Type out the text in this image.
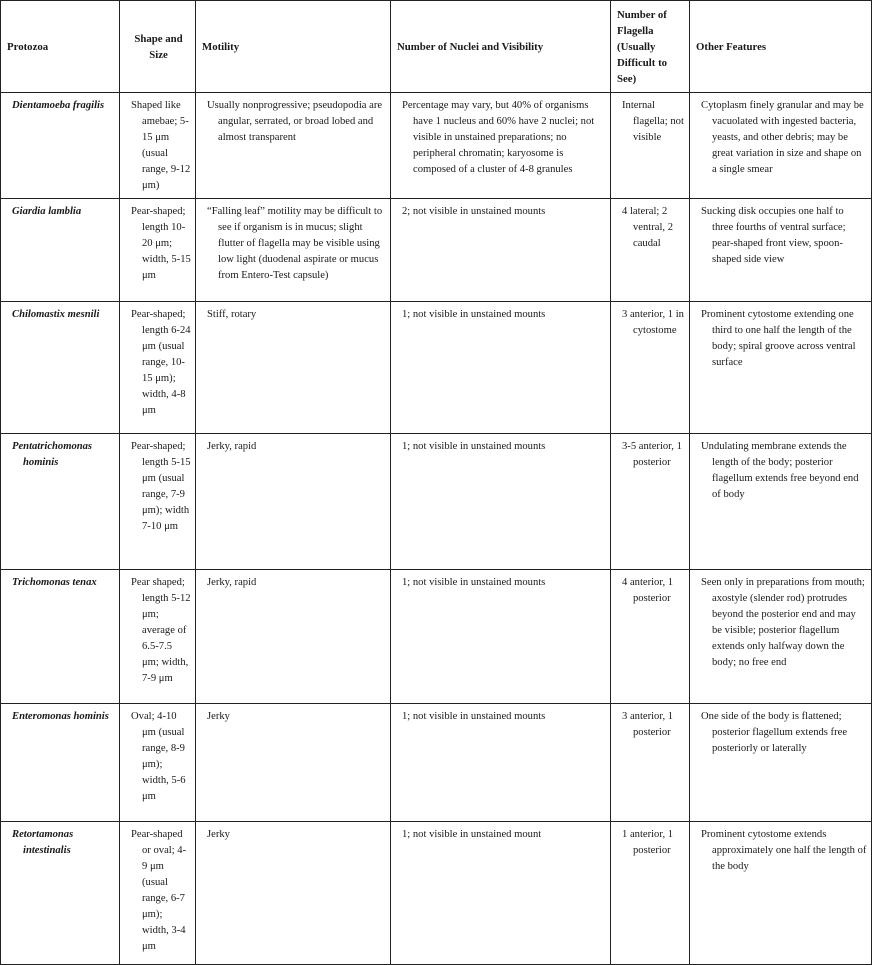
Protozoa	Shape and Size	Motility	Number of Nuclei and Visibility	Number of Flagella (Usually Difficult to See)	Other Features

Dientamoeba fragilis	Shaped like amebae; 5-15 μm (usual range, 9-12 μm)	Usually nonprogressive; pseudopodia are angular, serrated, or broad lobed and almost transparent	Percentage may vary, but 40% of organisms have 1 nucleus and 60% have 2 nuclei; not visible in unstained preparations; no peripheral chromatin; karyosome is composed of a cluster of 4-8 granules	Internal flagella; not visible	Cytoplasm finely granular and may be vacuolated with ingested bacteria, yeasts, and other debris; may be great variation in size and shape on a single smear

Giardia lamblia	Pear-shaped; length 10-20 μm; width, 5-15 μm	“Falling leaf” motility may be difficult to see if organism is in mucus; slight flutter of flagella may be visible using low light (duodenal aspirate or mucus from Entero-Test capsule)	2; not visible in unstained mounts	4 lateral; 2 ventral, 2 caudal	Sucking disk occupies one half to three fourths of ventral surface; pear-shaped front view, spoon-shaped side view

Chilomastix mesnili	Pear-shaped; length 6-24 μm (usual range, 10-15 μm); width, 4-8 μm	Stiff, rotary	1; not visible in unstained mounts	3 anterior, 1 in cytostome	Prominent cytostome extending one third to one half the length of the body; spiral groove across ventral surface

Pentatrichomonas hominis	Pear-shaped; length 5-15 μm (usual range, 7-9 μm); width 7-10 μm	Jerky, rapid	1; not visible in unstained mounts	3-5 anterior, 1 posterior	Undulating membrane extends the length of the body; posterior flagellum extends free beyond end of body

Trichomonas tenax	Pear shaped; length 5-12 μm; average of 6.5-7.5 μm; width, 7-9 μm	Jerky, rapid	1; not visible in unstained mounts	4 anterior, 1 posterior	Seen only in preparations from mouth; axostyle (slender rod) protrudes beyond the posterior end and may be visible; posterior flagellum extends only halfway down the body; no free end

Enteromonas hominis	Oval; 4-10 μm (usual range, 8-9 μm); width, 5-6 μm	Jerky	1; not visible in unstained mounts	3 anterior, 1 posterior	One side of the body is flattened; posterior flagellum extends free posteriorly or laterally

Retortamonas intestinalis	Pear-shaped or oval; 4-9 μm (usual range, 6-7 μm); width, 3-4 μm	Jerky	1; not visible in unstained mount	1 anterior, 1 posterior	Prominent cytostome extends approximately one half the length of the body
